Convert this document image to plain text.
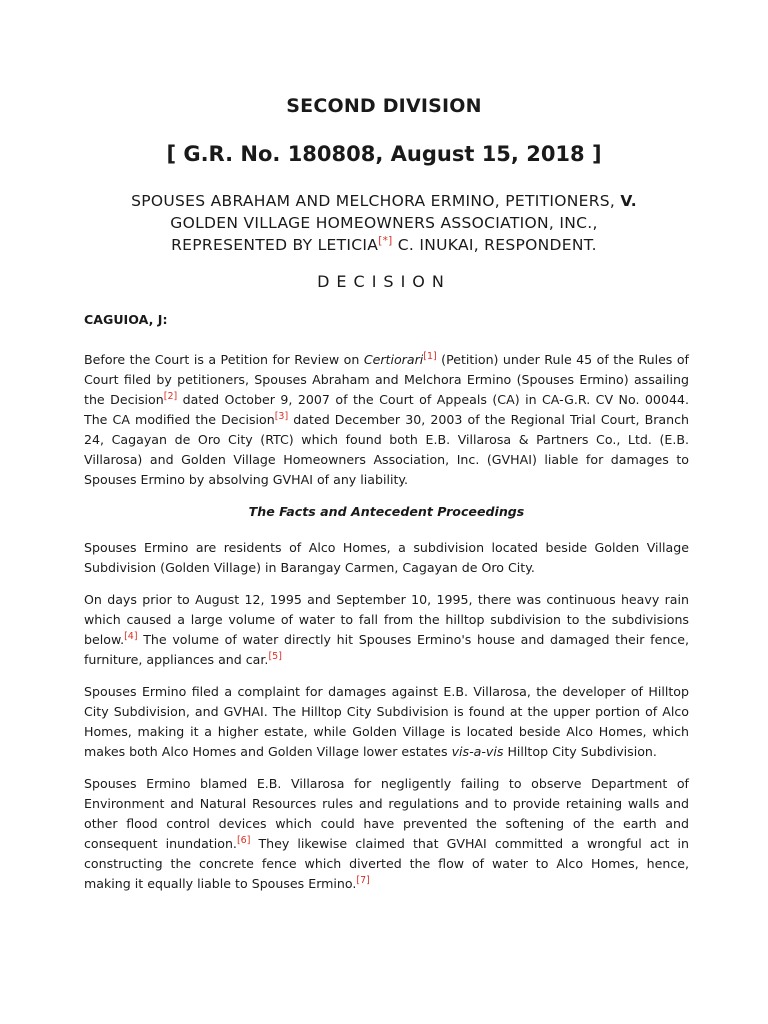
SECOND DIVISION
[ G.R. No. 180808, August 15, 2018 ]
SPOUSES ABRAHAM AND MELCHORA ERMINO, PETITIONERS, V.
GOLDEN VILLAGE HOMEOWNERS ASSOCIATION, INC.,
REPRESENTED BY LETICIA[*] C. INUKAI, RESPONDENT.
DECISION

CAGUIOA, J:

Before the Court is a Petition for Review on Certiorari[1] (Petition) under Rule 45 of the Rules of Court filed by petitioners, Spouses Abraham and Melchora Ermino (Spouses Ermino) assailing the Decision[2] dated October 9, 2007 of the Court of Appeals (CA) in CA-G.R. CV No. 00044. The CA modified the Decision[3] dated December 30, 2003 of the Regional Trial Court, Branch 24, Cagayan de Oro City (RTC) which found both E.B. Villarosa & Partners Co., Ltd. (E.B. Villarosa) and Golden Village Homeowners Association, Inc. (GVHAI) liable for damages to Spouses Ermino by absolving GVHAI of any liability.

The Facts and Antecedent Proceedings

Spouses Ermino are residents of Alco Homes, a subdivision located beside Golden Village Subdivision (Golden Village) in Barangay Carmen, Cagayan de Oro City.

On days prior to August 12, 1995 and September 10, 1995, there was continuous heavy rain which caused a large volume of water to fall from the hilltop subdivision to the subdivisions below.[4] The volume of water directly hit Spouses Ermino's house and damaged their fence, furniture, appliances and car.[5]

Spouses Ermino filed a complaint for damages against E.B. Villarosa, the developer of Hilltop City Subdivision, and GVHAI. The Hilltop City Subdivision is found at the upper portion of Alco Homes, making it a higher estate, while Golden Village is located beside Alco Homes, which makes both Alco Homes and Golden Village lower estates vis-a-vis Hilltop City Subdivision.

Spouses Ermino blamed E.B. Villarosa for negligently failing to observe Department of Environment and Natural Resources rules and regulations and to provide retaining walls and other flood control devices which could have prevented the softening of the earth and consequent inundation.[6] They likewise claimed that GVHAI committed a wrongful act in constructing the concrete fence which diverted the flow of water to Alco Homes, hence, making it equally liable to Spouses Ermino.[7]
